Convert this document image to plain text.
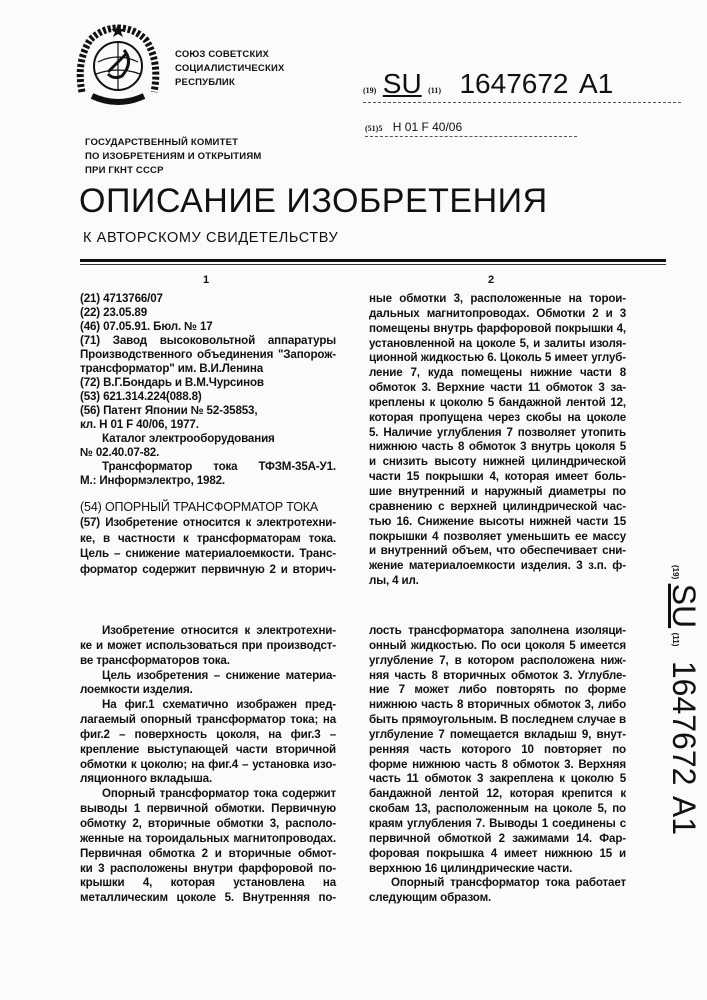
СОЮЗ СОВЕТСКИХ
СОЦИАЛИСТИЧЕСКИХ
РЕСПУБЛИК
(19) SU (11) 1647672 A1
(51)5 H 01 F 40/06
ГОСУДАРСТВЕННЫЙ КОМИТЕТ
ПО ИЗОБРЕТЕНИЯМ И ОТКРЫТИЯМ
ПРИ ГКНТ СССР
ОПИСАНИЕ ИЗОБРЕТЕНИЯ
К АВТОРСКОМУ СВИДЕТЕЛЬСТВУ
1	2
(21) 4713766/07
(22) 23.05.89
(46) 07.05.91. Бюл. № 17
(71) Завод высоковольтной аппаратуры
Производственного объединения "Запорож-
трансформатор" им. В.И.Ленина
(72) В.Г.Бондарь и В.М.Чурсинов
(53) 621.314.224(088.8)
(56) Патент Японии № 52-35853,
кл. H 01 F 40/06, 1977.
Каталог электрооборудования
№ 02.40.07-82.
Трансформатор тока ТФЗМ-35А-У1.
М.: Информэлектро, 1982.
(54) ОПОРНЫЙ ТРАНСФОРМАТОР ТОКА
(57) Изобретение относится к электротехни-
ке, в частности к трансформаторам тока.
Цель – снижение материалоемкости. Транс-
форматор содержит первичную 2 и вторич-
ные обмотки 3, расположенные на торои-
дальных магнитопроводах. Обмотки 2 и 3
помещены внутрь фарфоровой покрышки 4,
установленной на цоколе 5, и залиты изоля-
ционной жидкостью 6. Цоколь 5 имеет углуб-
ление 7, куда помещены нижние части 8
обмоток 3. Верхние части 11 обмоток 3 за-
креплены к цоколю 5 бандажной лентой 12,
которая пропущена через скобы на цоколе
5. Наличие углубления 7 позволяет утопить
нижнюю часть 8 обмоток 3 внутрь цоколя 5
и снизить высоту нижней цилиндрической
части 15 покрышки 4, которая имеет боль-
шие внутренний и наружный диаметры по
сравнению с верхней цилиндрической час-
тью 16. Снижение высоты нижней части 15
покрышки 4 позволяет уменьшить ее массу
и внутренний объем, что обеспечивает сни-
жение материалоемкости изделия. 3 з.п. ф-
лы, 4 ил.
Изобретение относится к электротехни-
ке и может использоваться при производст-
ве трансформаторов тока.
Цель изобретения – снижение материа-
лоемкости изделия.
На фиг.1 схематично изображен пред-
лагаемый опорный трансформатор тока; на
фиг.2 – поверхность цоколя, на фиг.3 –
крепление выступающей части вторичной
обмотки к цоколю; на фиг.4 – установка изо-
ляционного вкладыша.
Опорный трансформатор тока содержит
выводы 1 первичной обмотки. Первичную
обмотку 2, вторичные обмотки 3, располо-
женные на тороидальных магнитопроводах.
Первичная обмотка 2 и вторичные обмот-
ки 3 расположены внутри фарфоровой по-
крышки 4, которая установлена на
металлическим цоколе 5. Внутренняя по-
лость трансформатора заполнена изоляци-
онный жидкостью. По оси цоколя 5 имеется
углубление 7, в котором расположена ниж-
няя часть 8 вторичных обмоток 3. Углубле-
ние 7 может либо повторять по форме
нижнюю часть 8 вторичных обмоток 3, либо
быть прямоугольным. В последнем случае в
углбуление 7 помещается вкладыш 9, внут-
ренняя часть которого 10 повторяет по
форме нижнюю часть 8 обмоток 3. Верхняя
часть 11 обмоток 3 закреплена к цоколю 5
бандажной лентой 12, которая крепится к
скобам 13, расположенным на цоколе 5, по
краям углубления 7. Выводы 1 соединены с
первичной обмоткой 2 зажимами 14. Фар-
форовая покрышка 4 имеет нижнюю 15 и
верхнюю 16 цилиндрические части.
Опорный трансформатор тока работает
следующим образом.
(19) SU (11) 1647672 A1
